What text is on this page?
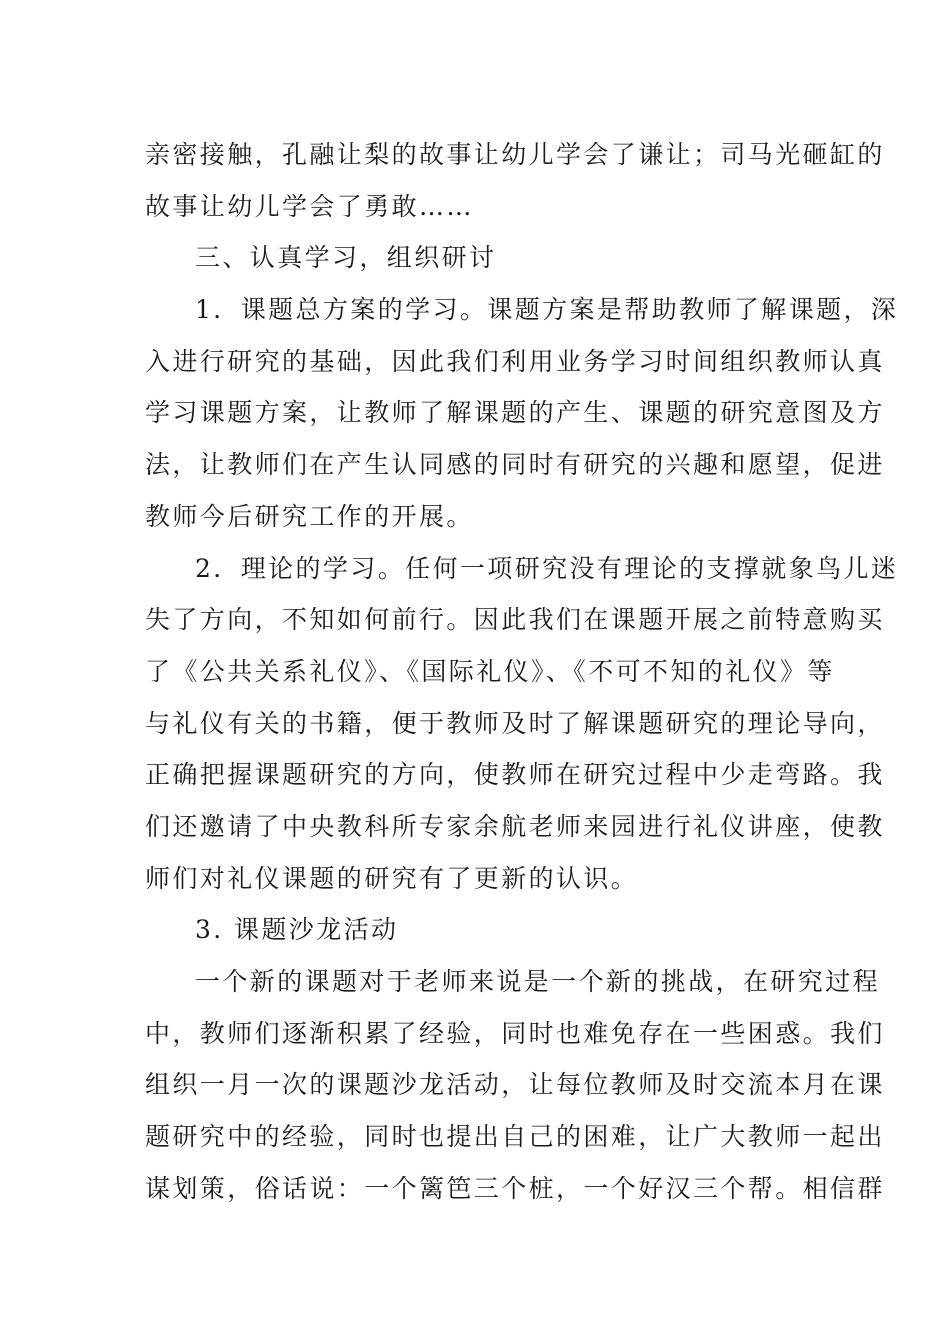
亲密接触，孔融让梨的故事让幼儿学会了谦让；司马光砸缸的
故事让幼儿学会了勇敢……
三、认真学习，组织研讨
1．课题总方案的学习。课题方案是帮助教师了解课题，深
入进行研究的基础，因此我们利用业务学习时间组织教师认真
学习课题方案，让教师了解课题的产生、课题的研究意图及方
法，让教师们在产生认同感的同时有研究的兴趣和愿望，促进
教师今后研究工作的开展。
2．理论的学习。任何一项研究没有理论的支撑就象鸟儿迷
失了方向，不知如何前行。因此我们在课题开展之前特意购买
了《公共关系礼仪》、《国际礼仪》、《不可不知的礼仪》等
与礼仪有关的书籍，便于教师及时了解课题研究的理论导向，
正确把握课题研究的方向，使教师在研究过程中少走弯路。我
们还邀请了中央教科所专家余航老师来园进行礼仪讲座，使教
师们对礼仪课题的研究有了更新的认识。
3. 课题沙龙活动
一个新的课题对于老师来说是一个新的挑战，在研究过程
中，教师们逐渐积累了经验，同时也难免存在一些困惑。我们
组织一月一次的课题沙龙活动，让每位教师及时交流本月在课
题研究中的经验，同时也提出自己的困难，让广大教师一起出
谋划策，俗话说：一个篱笆三个桩，一个好汉三个帮。相信群
